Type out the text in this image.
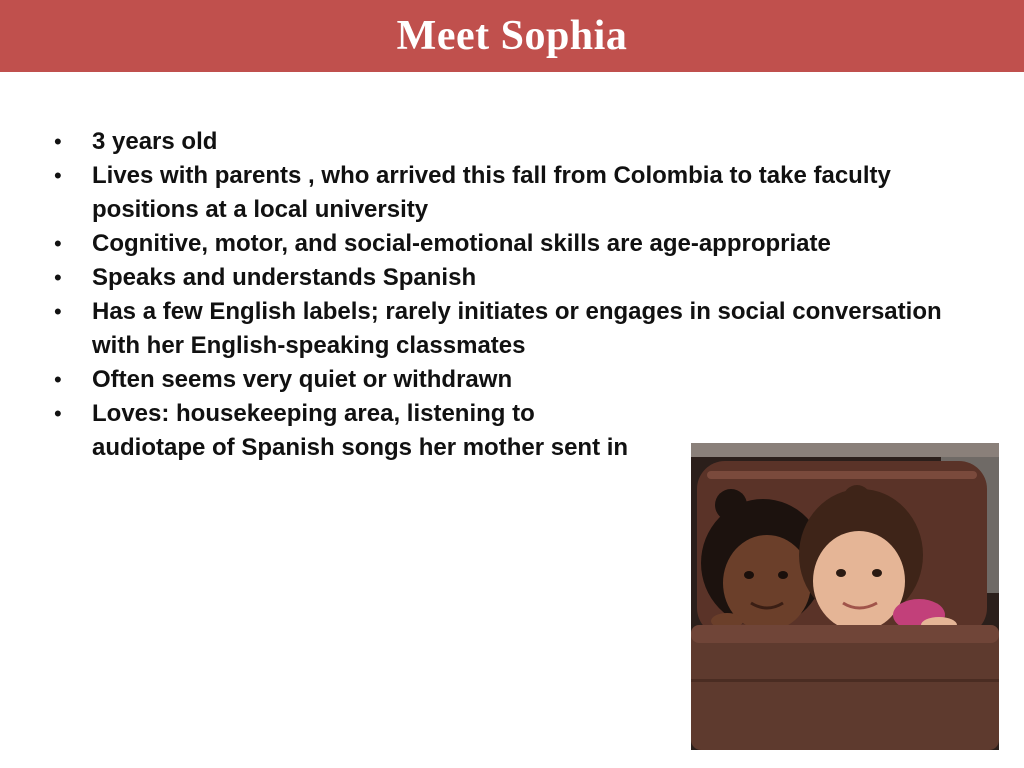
Meet Sophia
• 3 years old
• Lives with parents , who arrived this fall from Colombia to take faculty positions at a local university
• Cognitive, motor, and social-emotional skills are age-appropriate
• Speaks and understands Spanish
• Has a few English labels; rarely initiates or engages in social conversation with her English-speaking classmates
• Often seems very quiet or withdrawn
• Loves: housekeeping area, listening to audiotape of Spanish songs her mother sent in
